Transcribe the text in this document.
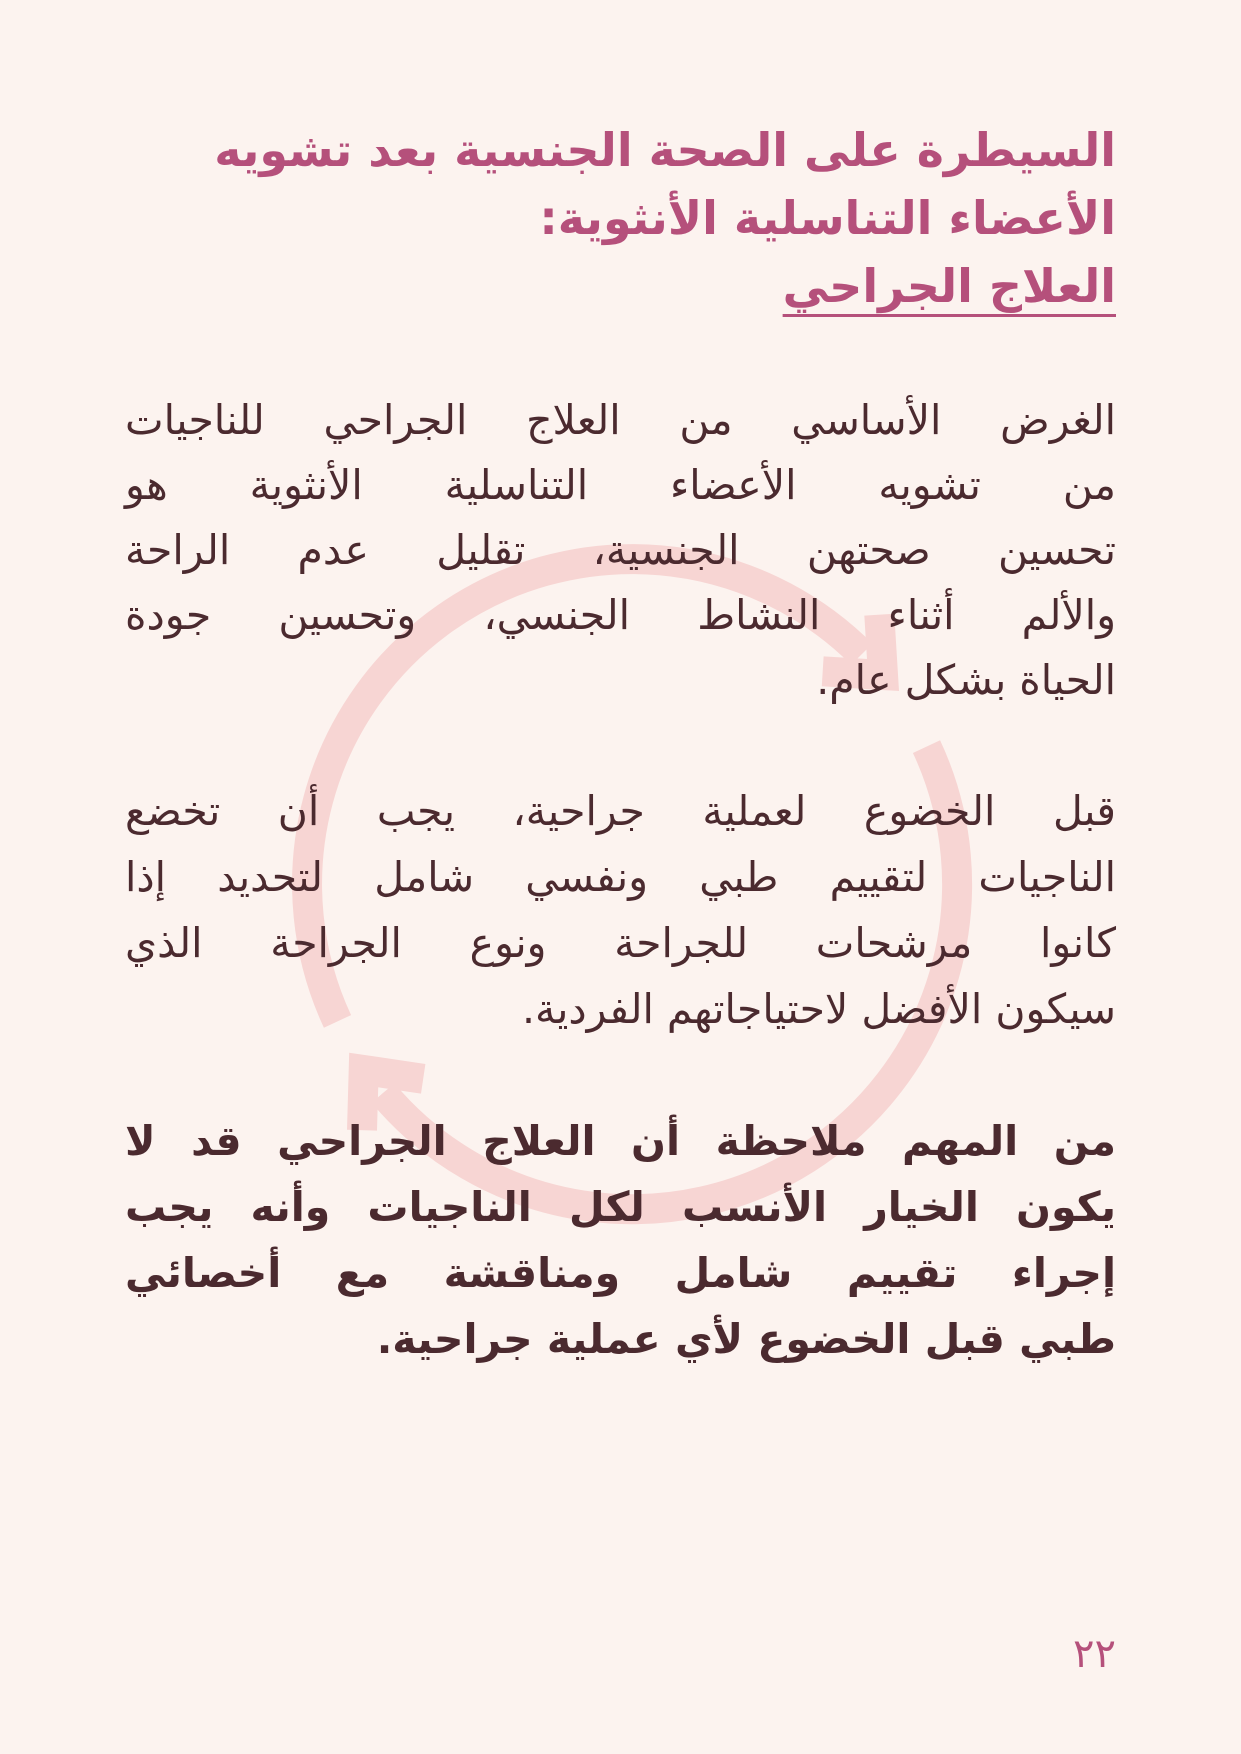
السيطرة على الصحة الجنسية بعد تشويه
الأعضاء التناسلية الأنثوية:
العلاج الجراحي
الغرض الأساسي من العلاج الجراحي للناجيات
من تشويه الأعضاء التناسلية الأنثوية هو
تحسين صحتهن الجنسية، تقليل عدم الراحة
والألم أثناء النشاط الجنسي، وتحسين جودة
الحياة بشكل عام.
قبل الخضوع لعملية جراحية، يجب أن تخضع
الناجيات لتقييم طبي ونفسي شامل لتحديد إذا
كانوا مرشحات للجراحة ونوع الجراحة الذي
سيكون الأفضل لاحتياجاتهم الفردية.
من المهم ملاحظة أن العلاج الجراحي قد لا
يكون الخيار الأنسب لكل الناجيات وأنه يجب
إجراء تقييم شامل ومناقشة مع أخصائي
طبي قبل الخضوع لأي عملية جراحية.
٢٢
